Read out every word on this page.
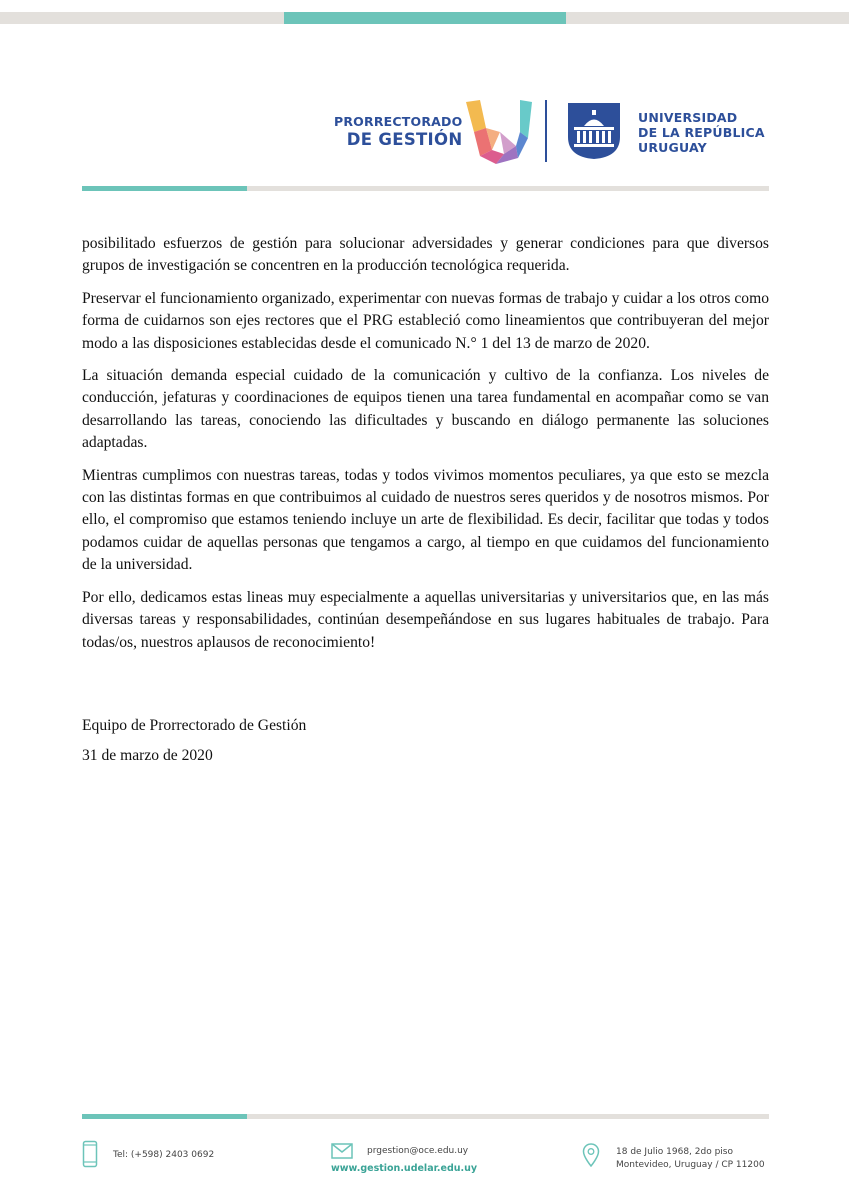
PRORRECTORADO
DE GESTIÓN
UNIVERSIDAD
DE LA REPÚBLICA
URUGUAY

posibilitado esfuerzos de gestión para solucionar adversidades y generar condiciones para que diversos grupos de investigación se concentren en la producción tecnológica requerida.

Preservar el funcionamiento organizado, experimentar con nuevas formas de trabajo y cuidar a los otros como forma de cuidarnos son ejes rectores que el PRG estableció como lineamientos que contribuyeran del mejor modo a las disposiciones establecidas desde el comunicado N.° 1 del 13 de marzo de 2020.

La situación demanda especial cuidado de la comunicación y cultivo de la confianza. Los niveles de conducción, jefaturas y coordinaciones de equipos tienen una tarea fundamental en acompañar como se van desarrollando las tareas, conociendo las dificultades y buscando en diálogo permanente las soluciones adaptadas.

Mientras cumplimos con nuestras tareas, todas y todos vivimos momentos peculiares, ya que esto se mezcla con las distintas formas en que contribuimos al cuidado de nuestros seres queridos y de nosotros mismos. Por ello, el compromiso que estamos teniendo incluye un arte de flexibilidad. Es decir, facilitar que todas y todos podamos cuidar de aquellas personas que tengamos a cargo, al tiempo en que cuidamos del funcionamiento de la universidad.

Por ello, dedicamos estas lineas muy especialmente a aquellas universitarias y universitarios que, en las más diversas tareas y responsabilidades, continúan desempeñándose en sus lugares habituales de trabajo. Para todas/os, nuestros aplausos de reconocimiento!

Equipo de Prorrectorado de Gestión
31 de marzo de 2020
Tel: (+598) 2403 0692	prgestion@oce.edu.uy
www.gestion.udelar.edu.uy
18 de Julio 1968, 2do piso
Montevideo, Uruguay / CP 11200
